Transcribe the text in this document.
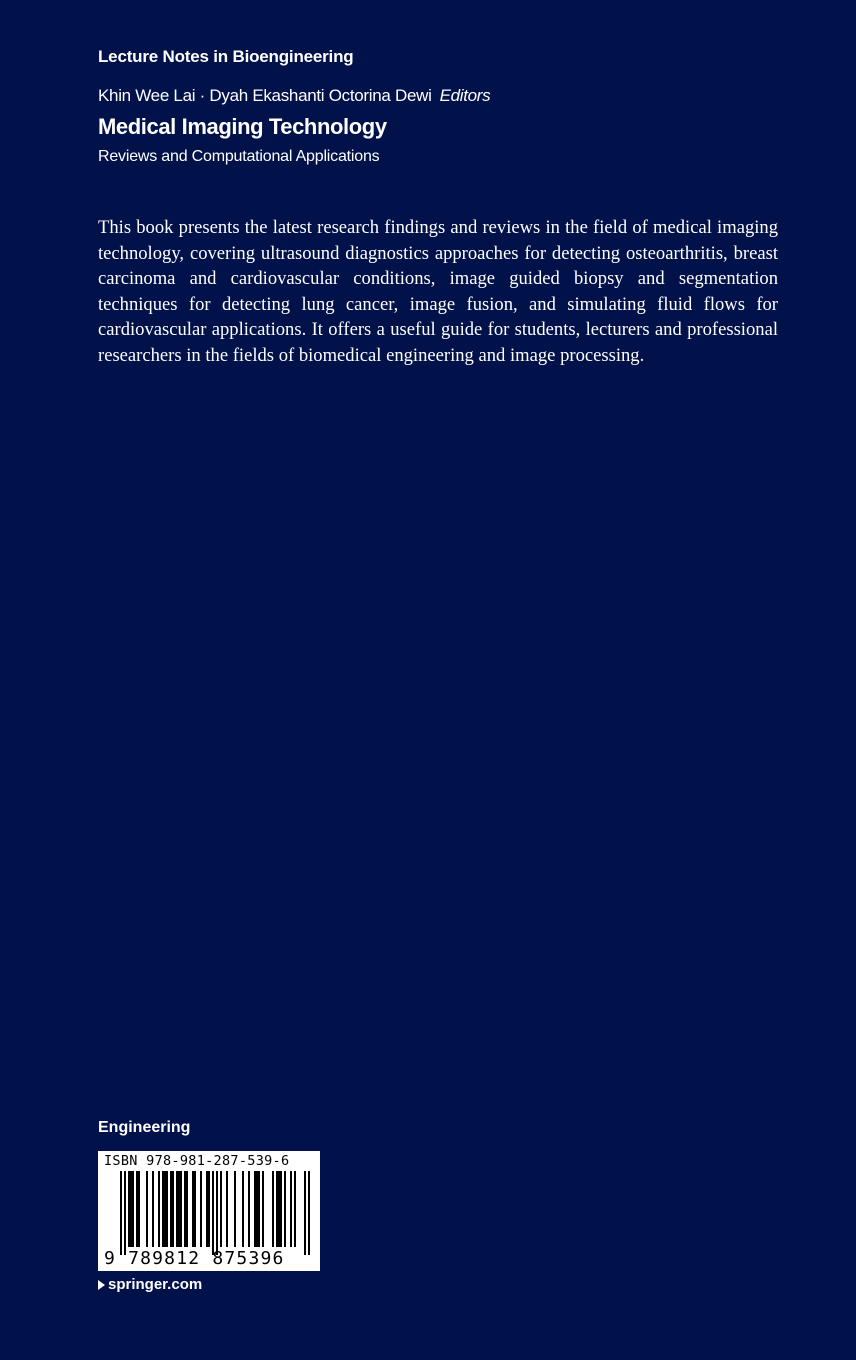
Lecture Notes in Bioengineering
Khin Wee Lai · Dyah Ekashanti Octorina Dewi Editors
Medical Imaging Technology
Reviews and Computational Applications

This book presents the latest research findings and reviews in the field of medical imaging technology, covering ultrasound diagnostics approaches for detecting osteoarthritis, breast carcinoma and cardiovascular conditions, image guided biopsy and segmentation techniques for detecting lung cancer, image fusion, and simulating fluid flows for cardiovascular applications. It offers a useful guide for students, lecturers and professional researchers in the fields of biomedical engineering and image processing.

Engineering
ISBN 978-981-287-539-6
9 789812 875396
springer.com
